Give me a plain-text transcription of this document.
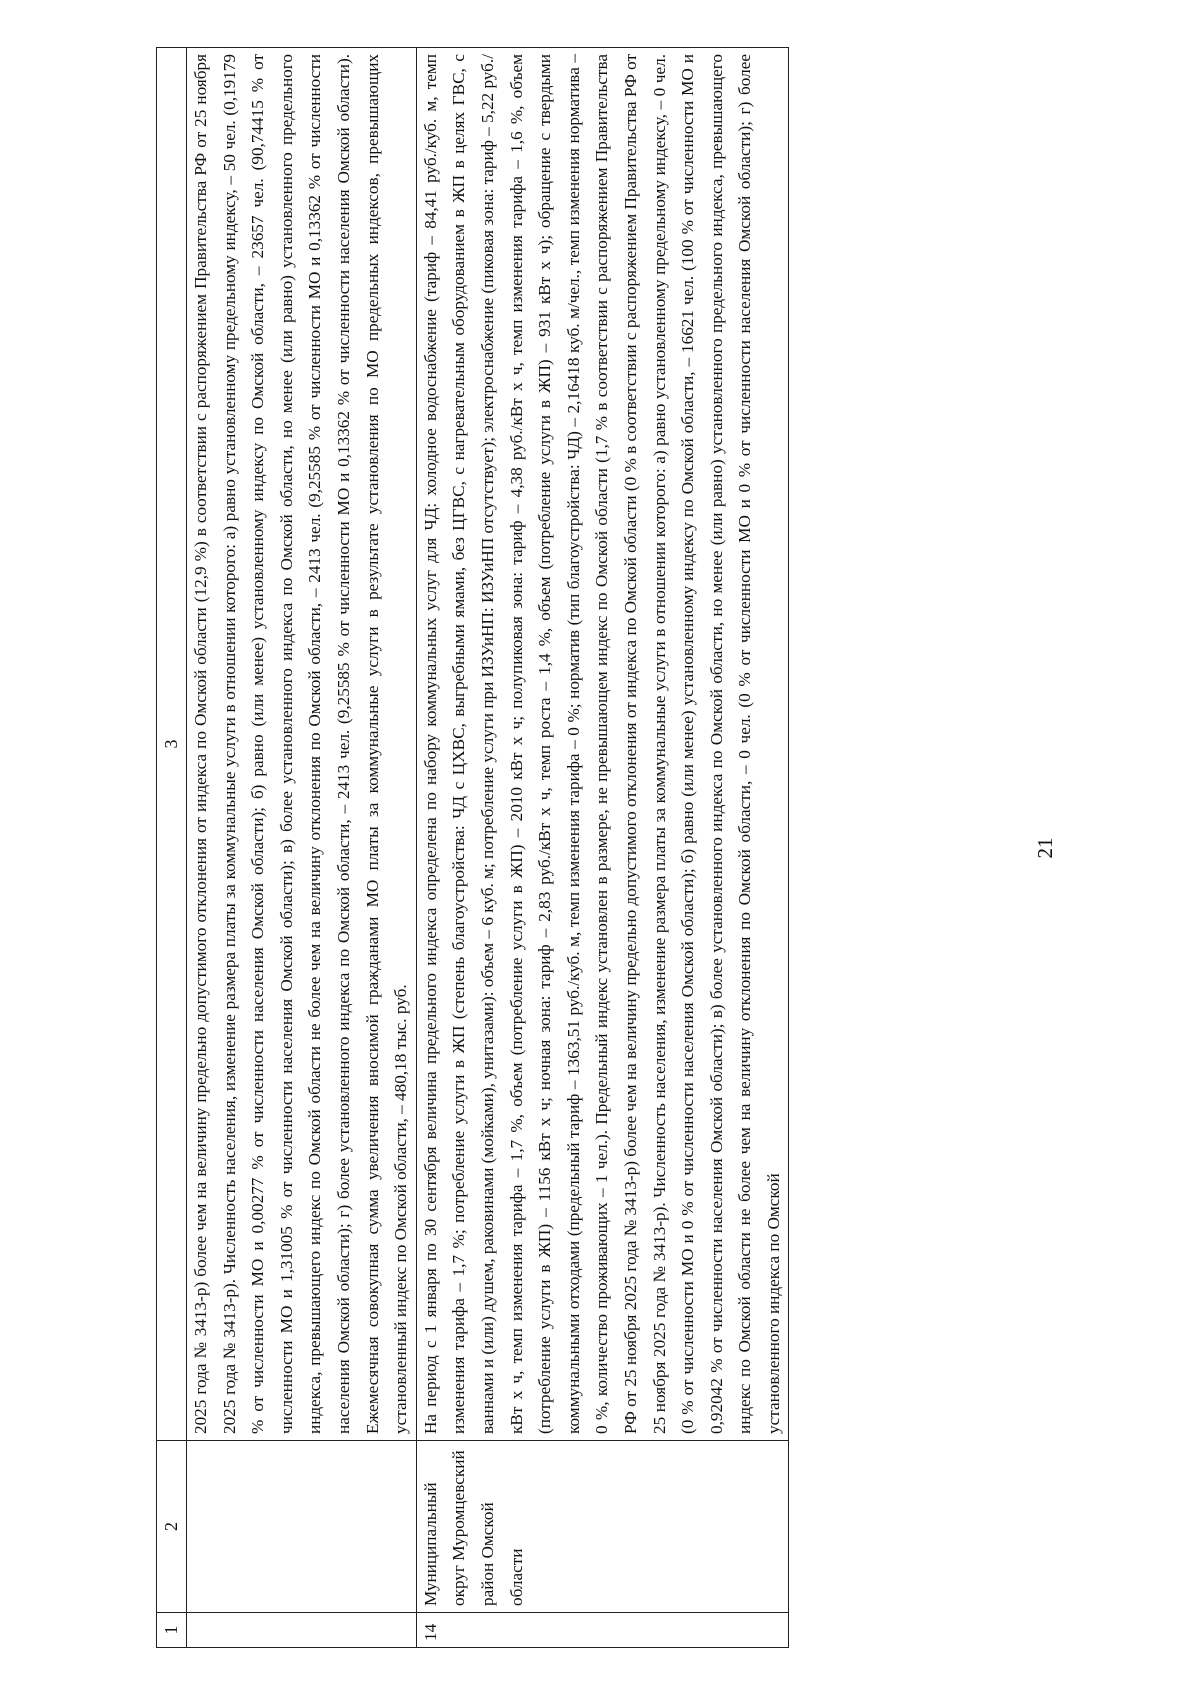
21
1	2	3
		2025 года № 3413-р) более чем на величину предельно допустимого отклонения от индекса по Омской области (12,9 %) в соответствии с распоряжением Правительства РФ от 25 ноября 2025 года № 3413-р). Численность населения, изменение размера платы за коммунальные услуги в отношении которого: а) равно установленному предельному индексу, – 50 чел. (0,19179 % от численности МО и 0,00277 % от численности населения Омской области); б) равно (или менее) установленному индексу по Омской области, – 23657 чел. (90,74415 % от численности МО и 1,31005 % от численности населения Омской области); в) более установленного индекса по Омской области, но менее (или равно) установленного предельного индекса, превышающего индекс по Омской области не более чем на величину отклонения по Омской области, – 2413 чел. (9,25585 % от численности МО и 0,13362 % от численности населения Омской области); г) более установленного индекса по Омской области, – 2413 чел. (9,25585 % от численности МО и 0,13362 % от численности населения Омской области). Ежемесячная совокупная сумма увеличения вносимой гражданами МО платы за коммунальные услуги в результате установления по МО предельных индексов, превышающих установленный индекс по Омской области, – 480,18 тыс. руб.
14	Муниципальный округ Муромцевский район Омской области	На период с 1 января по 30 сентября величина предельного индекса определена по набору коммунальных услуг для ЧД: холодное водоснабжение (тариф – 84,41 руб./куб. м, темп изменения тарифа – 1,7 %; потребление услуги в ЖП (степень благоустройства: ЧД с ЦХВС, выгребными ямами, без ЦГВС, с нагревательным оборудованием в ЖП в целях ГВС, с ваннами и (или) душем, раковинами (мойками), унитазами): объем – 6 куб. м; потребление услуги при ИЗУиНП: ИЗУиНП отсутствует); электроснабжение (пиковая зона: тариф – 5,22 руб./кВт х ч, темп изменения тарифа – 1,7 %, объем (потребление услуги в ЖП) – 2010 кВт х ч; полупиковая зона: тариф – 4,38 руб./кВт х ч, темп изменения тарифа – 1,6 %, объем (потребление услуги в ЖП) – 1156 кВт х ч; ночная зона: тариф – 2,83 руб./кВт х ч, темп роста – 1,4 %, объем (потребление услуги в ЖП) – 931 кВт х ч); обращение с твердыми коммунальными отходами (предельный тариф – 1363,51 руб./куб. м, темп изменения тарифа – 0 %; норматив (тип благоустройства: ЧД) – 2,16418 куб. м/чел., темп изменения норматива – 0 %, количество проживающих – 1 чел.). Предельный индекс установлен в размере, не превышающем индекс по Омской области (1,7 % в соответствии с распоряжением Правительства РФ от 25 ноября 2025 года № 3413-р) более чем на величину предельно допустимого отклонения от индекса по Омской области (0 % в соответствии с распоряжением Правительства РФ от 25 ноября 2025 года № 3413-р). Численность населения, изменение размера платы за коммунальные услуги в отношении которого: а) равно установленному предельному индексу, – 0 чел. (0 % от численности МО и 0 % от численности населения Омской области); б) равно (или менее) установленному индексу по Омской области, – 16621 чел. (100 % от численности МО и 0,92042 % от численности населения Омской области); в) более установленного индекса по Омской области, но менее (или равно) установленного предельного индекса, превышающего индекс по Омской области не более чем на величину отклонения по Омской области, – 0 чел. (0 % от численности МО и 0 % от численности населения Омской области); г) более установленного индекса по Омской
